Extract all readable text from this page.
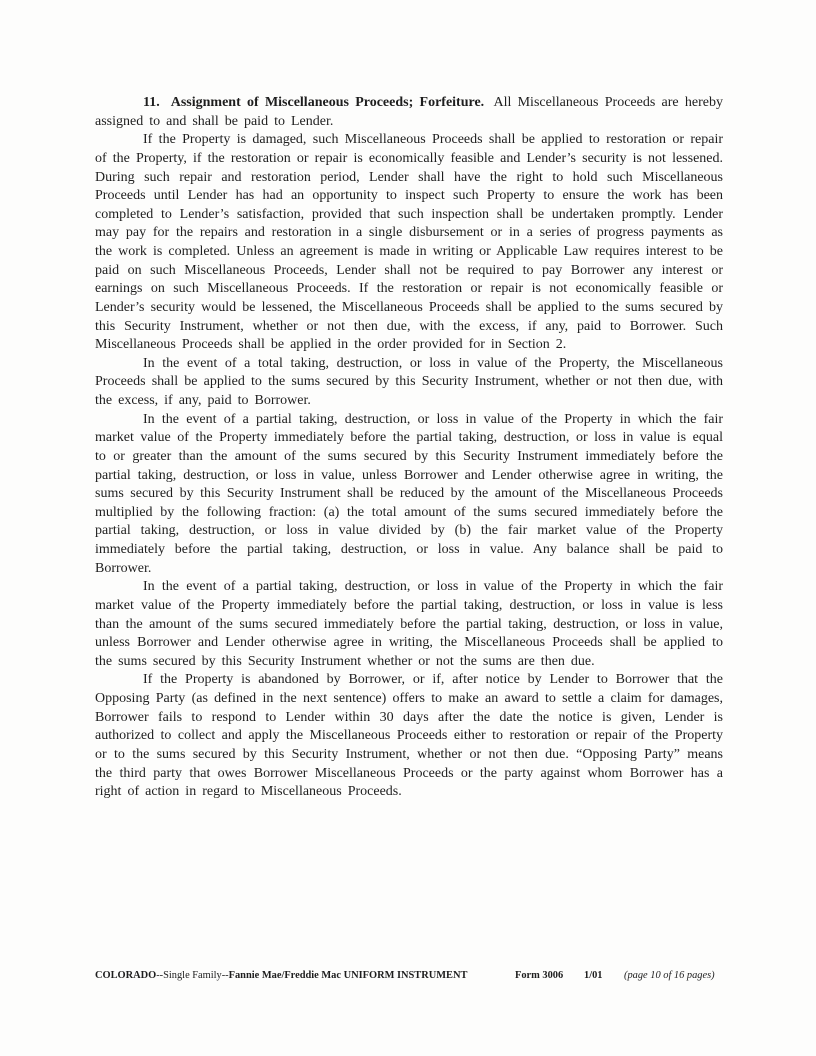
11. Assignment of Miscellaneous Proceeds; Forfeiture. All Miscellaneous Proceeds are hereby assigned to and shall be paid to Lender.

If the Property is damaged, such Miscellaneous Proceeds shall be applied to restoration or repair of the Property, if the restoration or repair is economically feasible and Lender’s security is not lessened. During such repair and restoration period, Lender shall have the right to hold such Miscellaneous Proceeds until Lender has had an opportunity to inspect such Property to ensure the work has been completed to Lender’s satisfaction, provided that such inspection shall be undertaken promptly. Lender may pay for the repairs and restoration in a single disbursement or in a series of progress payments as the work is completed. Unless an agreement is made in writing or Applicable Law requires interest to be paid on such Miscellaneous Proceeds, Lender shall not be required to pay Borrower any interest or earnings on such Miscellaneous Proceeds. If the restoration or repair is not economically feasible or Lender’s security would be lessened, the Miscellaneous Proceeds shall be applied to the sums secured by this Security Instrument, whether or not then due, with the excess, if any, paid to Borrower. Such Miscellaneous Proceeds shall be applied in the order provided for in Section 2.

In the event of a total taking, destruction, or loss in value of the Property, the Miscellaneous Proceeds shall be applied to the sums secured by this Security Instrument, whether or not then due, with the excess, if any, paid to Borrower.

In the event of a partial taking, destruction, or loss in value of the Property in which the fair market value of the Property immediately before the partial taking, destruction, or loss in value is equal to or greater than the amount of the sums secured by this Security Instrument immediately before the partial taking, destruction, or loss in value, unless Borrower and Lender otherwise agree in writing, the sums secured by this Security Instrument shall be reduced by the amount of the Miscellaneous Proceeds multiplied by the following fraction: (a) the total amount of the sums secured immediately before the partial taking, destruction, or loss in value divided by (b) the fair market value of the Property immediately before the partial taking, destruction, or loss in value. Any balance shall be paid to Borrower.

In the event of a partial taking, destruction, or loss in value of the Property in which the fair market value of the Property immediately before the partial taking, destruction, or loss in value is less than the amount of the sums secured immediately before the partial taking, destruction, or loss in value, unless Borrower and Lender otherwise agree in writing, the Miscellaneous Proceeds shall be applied to the sums secured by this Security Instrument whether or not the sums are then due.

If the Property is abandoned by Borrower, or if, after notice by Lender to Borrower that the Opposing Party (as defined in the next sentence) offers to make an award to settle a claim for damages, Borrower fails to respond to Lender within 30 days after the date the notice is given, Lender is authorized to collect and apply the Miscellaneous Proceeds either to restoration or repair of the Property or to the sums secured by this Security Instrument, whether or not then due. “Opposing Party” means the third party that owes Borrower Miscellaneous Proceeds or the party against whom Borrower has a right of action in regard to Miscellaneous Proceeds.

COLORADO--Single Family--Fannie Mae/Freddie Mac UNIFORM INSTRUMENT	Form 3006 1/01 (page 10 of 16 pages)
